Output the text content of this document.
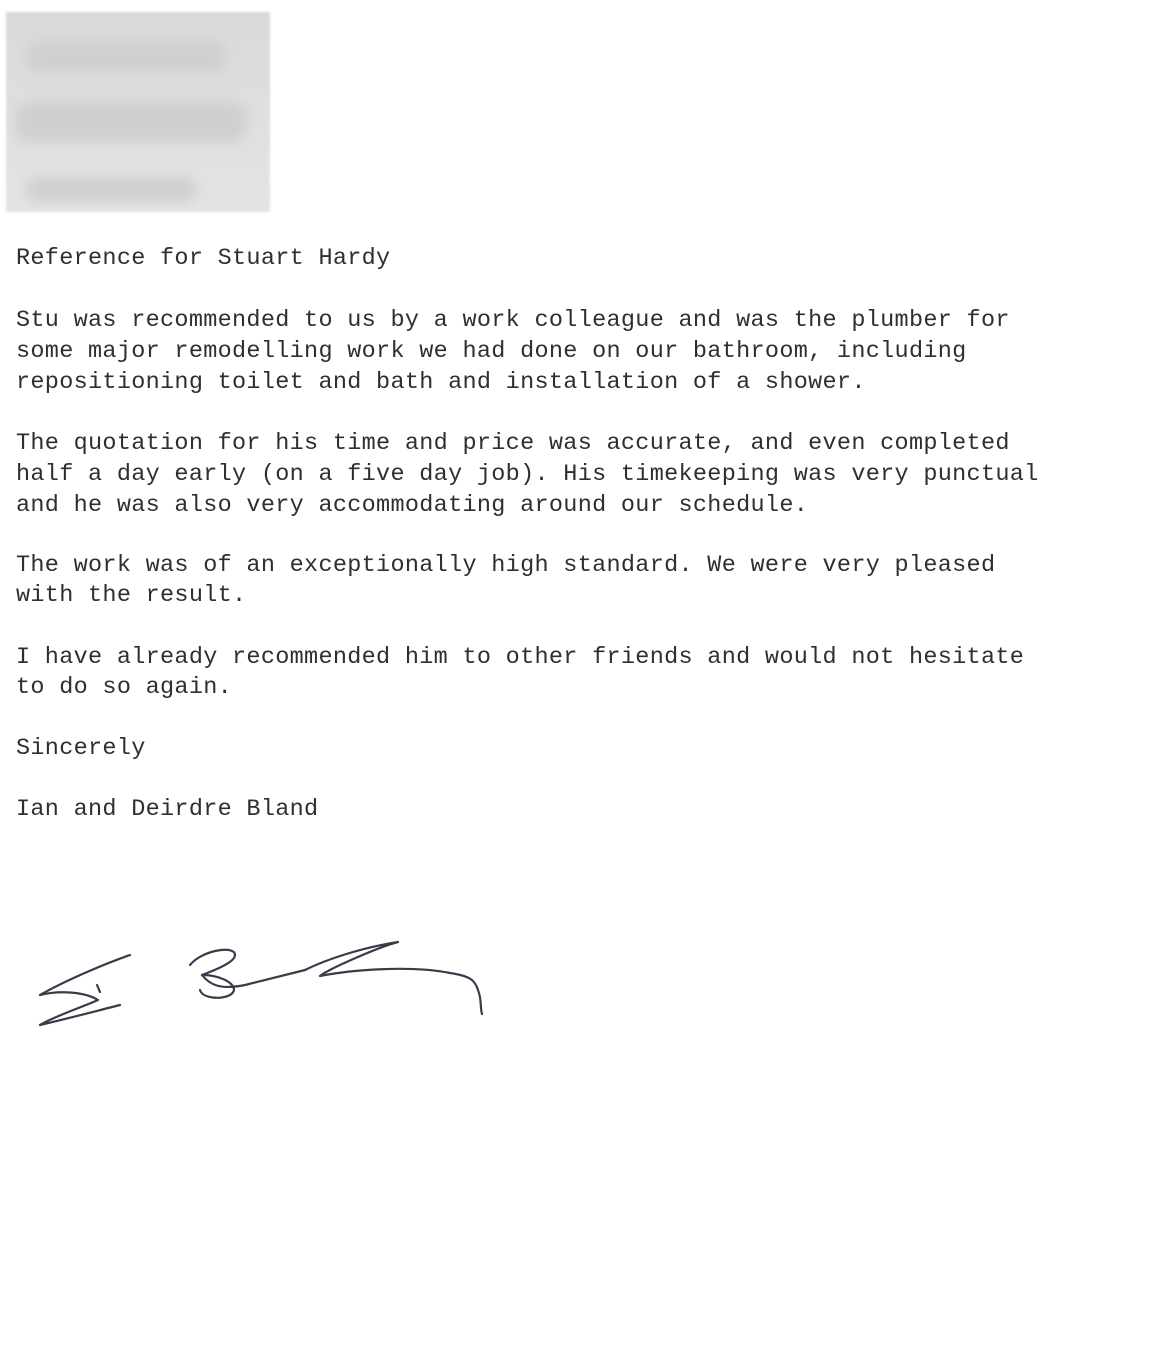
Reference for Stuart Hardy

Stu was recommended to us by a work colleague and was the plumber for

some major remodelling work we had done on our bathroom, including

repositioning toilet and bath and installation of a shower.

The quotation for his time and price was accurate, and even completed

half a day early (on a five day job). His timekeeping was very punctual

and he was also very accommodating around our schedule.

The work was of an exceptionally high standard. We were very pleased

with the result.

I have already recommended him to other friends and would not hesitate

to do so again.

Sincerely

Ian and Deirdre Bland
